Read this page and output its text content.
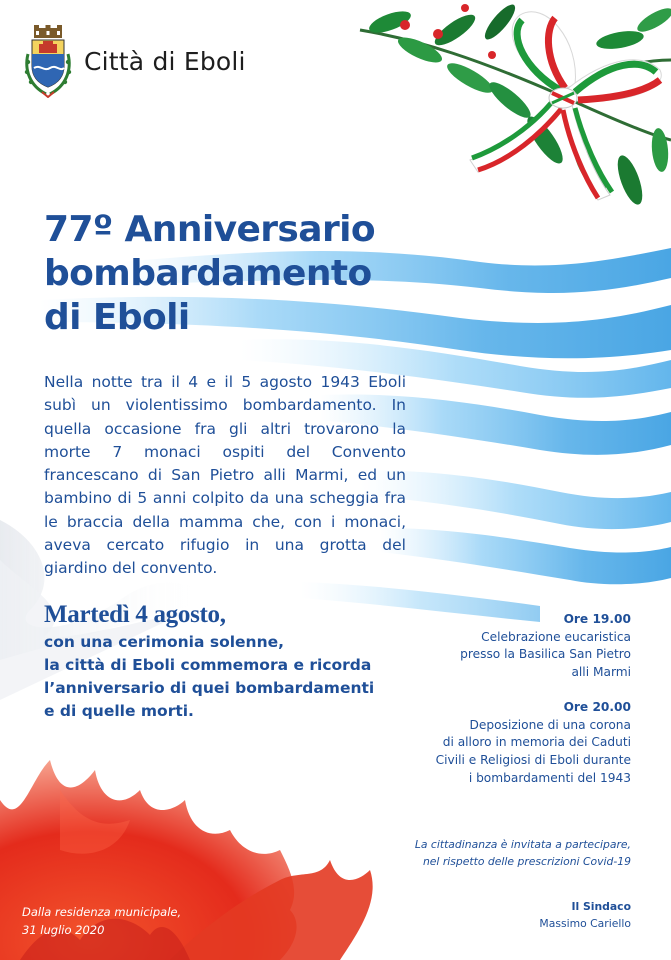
Città di Eboli
77º Anniversario
bombardamento
di Eboli

Nella notte tra il 4 e il 5 agosto 1943 Eboli subì un violentissimo bombardamento. In quella occasione fra gli altri trovarono la morte 7 monaci ospiti del Convento francescano di San Pietro alli Marmi, ed un bambino di 5 anni colpito da una scheggia fra le braccia della mamma che, con i monaci, aveva cercato rifugio in una grotta del giardino del convento.

Martedì 4 agosto,
con una cerimonia solenne,
la città di Eboli commemora e ricorda
l’anniversario di quei bombardamenti
e di quelle morti.
Ore 19.00
Celebrazione eucaristica
presso la Basilica San Pietro
alli Marmi
Ore 20.00
Deposizione di una corona
di alloro in memoria dei Caduti
Civili e Religiosi di Eboli durante
i bombardamenti del 1943
La cittadinanza è invitata a partecipare,
nel rispetto delle prescrizioni Covid-19
Il Sindaco
Massimo Cariello
Dalla residenza municipale,
31 luglio 2020
